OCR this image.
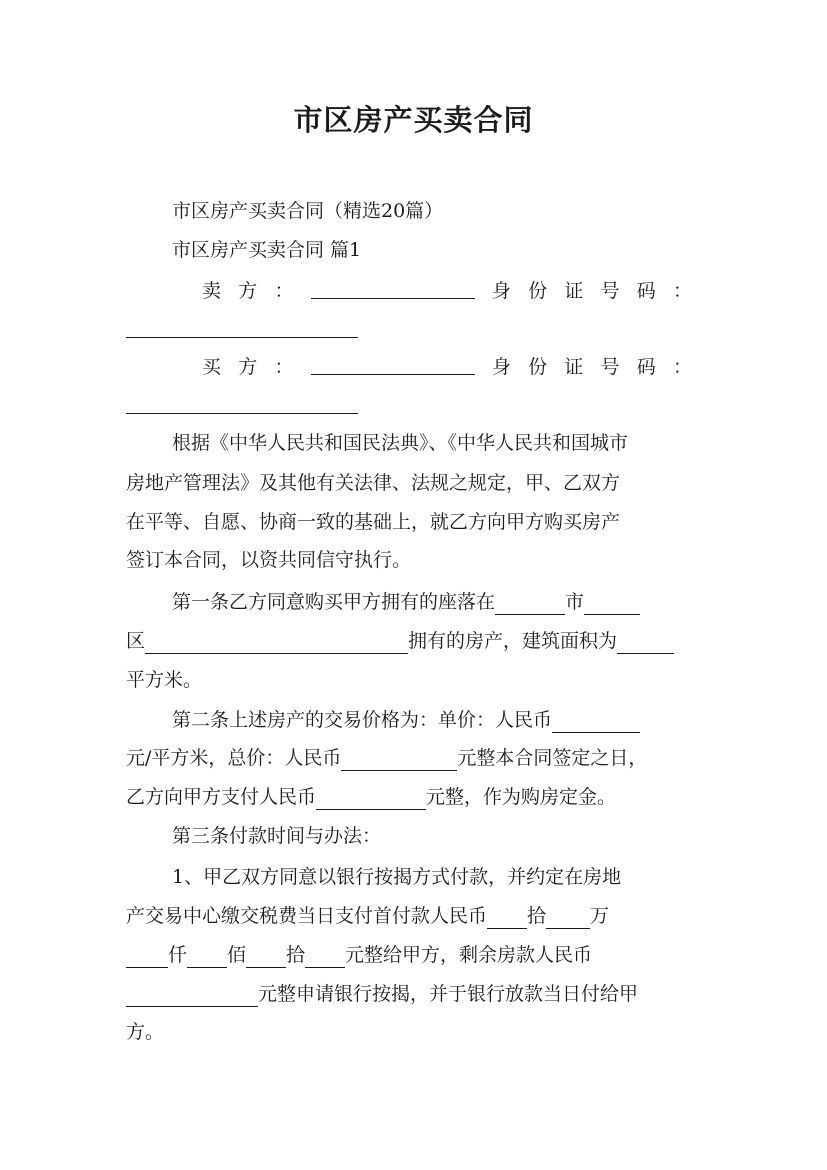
市区房产买卖合同
市区房产买卖合同（精选20篇）
市区房产买卖合同 篇1
卖 方 ：	身 份 证 号 码 ：
买 方 ：	身 份 证 号 码 ：
根据《中华人民共和国民法典》、《中华人民共和国城市
房地产管理法》及其他有关法律、法规之规定，甲、乙双方
在平等、自愿、协商一致的基础上，就乙方向甲方购买房产
签订本合同，以资共同信守执行。
第一条乙方同意购买甲方拥有的座落在	市
区	拥有的房产，建筑面积为
平方米。
第二条上述房产的交易价格为：单价：人民币
元/平方米，总价：人民币	元整本合同签定之日，
乙方向甲方支付人民币	元整，作为购房定金。
第三条付款时间与办法：
1、甲乙双方同意以银行按揭方式付款，并约定在房地
产交易中心缴交税费当日支付首付款人民币 拾 万
仟 佰 拾 元整给甲方，剩余房款人民币
元整申请银行按揭，并于银行放款当日付给甲
方。
